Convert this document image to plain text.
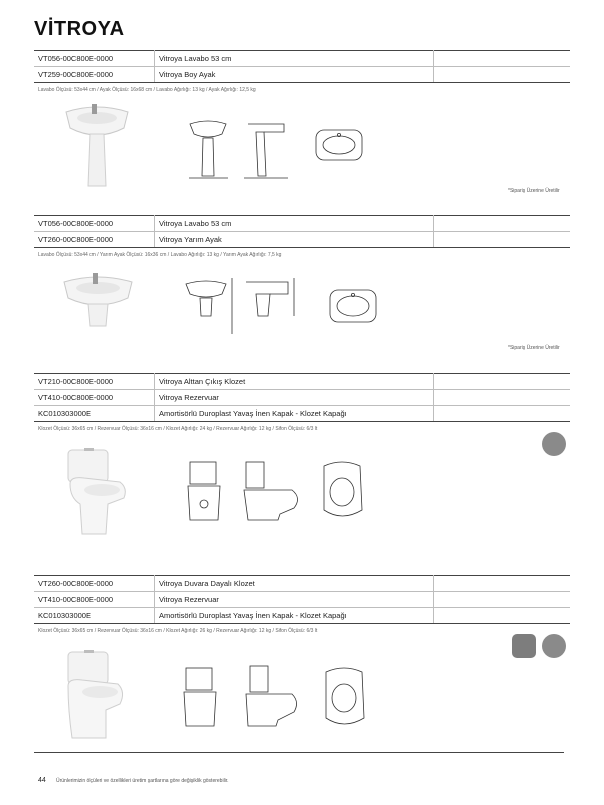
VİTROYA
VT056-00C800E-0000	Vitroya Lavabo 53 cm	
VT259-00C800E-0000	Vitroya Boy Ayak	
Lavabo Ölçüsü: 53x44 cm / Ayak Ölçüsü: 16x68 cm / Lavabo Ağırlığı: 13 kg / Ayak Ağırlığı: 12,5 kg
*Sipariş Üzerine Üretilir
VT056-00C800E-0000	Vitroya Lavabo 53 cm	
VT260-00C800E-0000	Vitroya Yarım Ayak	
Lavabo Ölçüsü: 53x44 cm / Yarım Ayak Ölçüsü: 16x36 cm / Lavabo Ağırlığı: 13 kg / Yarım Ayak Ağırlığı: 7,5 kg
*Sipariş Üzerine Üretilir
VT210-00C800E-0000	Vitroya Alttan Çıkış Klozet	
VT410-00C800E-0000	Vitroya Rezervuar	
KC010303000E	Amortisörlü Duroplast Yavaş İnen Kapak - Klozet Kapağı	
Klozet Ölçüsü: 36x65 cm / Rezervuar Ölçüsü: 36x16 cm / Klozet Ağırlığı: 24 kg / Rezervuar Ağırlığı: 12 kg / Sifon Ölçüsü: 6/3 lt
VT260-00C800E-0000	Vitroya Duvara Dayalı Klozet	
VT410-00C800E-0000	Vitroya Rezervuar	
KC010303000E	Amortisörlü Duroplast Yavaş İnen Kapak - Klozet Kapağı	
Klozet Ölçüsü: 36x65 cm / Rezervuar Ölçüsü: 36x16 cm / Klozet Ağırlığı: 26 kg / Rezervuar Ağırlığı: 12 kg / Sifon Ölçüsü: 6/3 lt
44 Ürünlerimizin ölçüleri ve özellikleri üretim şartlarına göre değişiklik gösterebilir.
